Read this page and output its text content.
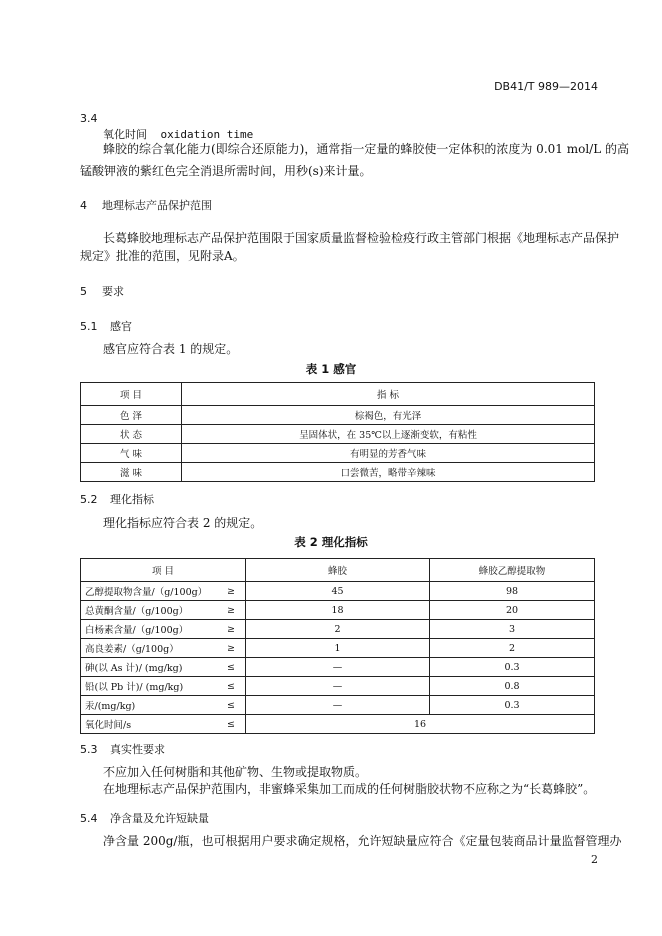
DB41/T 989—2014
3.4
氧化时间 oxidation time
蜂胶的综合氧化能力(即综合还原能力)，通常指一定量的蜂胶使一定体积的浓度为 0.01 mol/L 的高
锰酸钾液的紫红色完全消退所需时间，用秒(s)来计量。
4 地理标志产品保护范围
长葛蜂胶地理标志产品保护范围限于国家质量监督检验检疫行政主管部门根据《地理标志产品保护
规定》批准的范围，见附录A。
5 要求
5.1 感官
感官应符合表 1 的规定。
表 1 感官
项 目	指 标
色 泽	棕褐色，有光泽
状 态	呈固体状，在 35℃以上逐渐变软，有粘性
气 味	有明显的芳香气味
滋 味	口尝微苦，略带辛辣味
5.2 理化指标
理化指标应符合表 2 的规定。
表 2 理化指标
项 目		蜂胶	蜂胶乙醇提取物
乙醇提取物含量/（g/100g）	≥	45	98
总黄酮含量/（g/100g）	≥	18	20
白杨素含量/（g/100g）	≥	2	3
高良姜素/（g/100g）	≥	1	2
砷(以 As 计)/ (mg/kg)	≤	—	0.3
铅(以 Pb 计)/ (mg/kg)	≤	—	0.8
汞/(mg/kg)	≤	—	0.3
氧化时间/s	≤	16	
5.3 真实性要求
不应加入任何树脂和其他矿物、生物或提取物质。
在地理标志产品保护范围内，非蜜蜂采集加工而成的任何树脂胶状物不应称之为“长葛蜂胶”。
5.4 净含量及允许短缺量
净含量 200g/瓶，也可根据用户要求确定规格，允许短缺量应符合《定量包装商品计量监督管理办
2
